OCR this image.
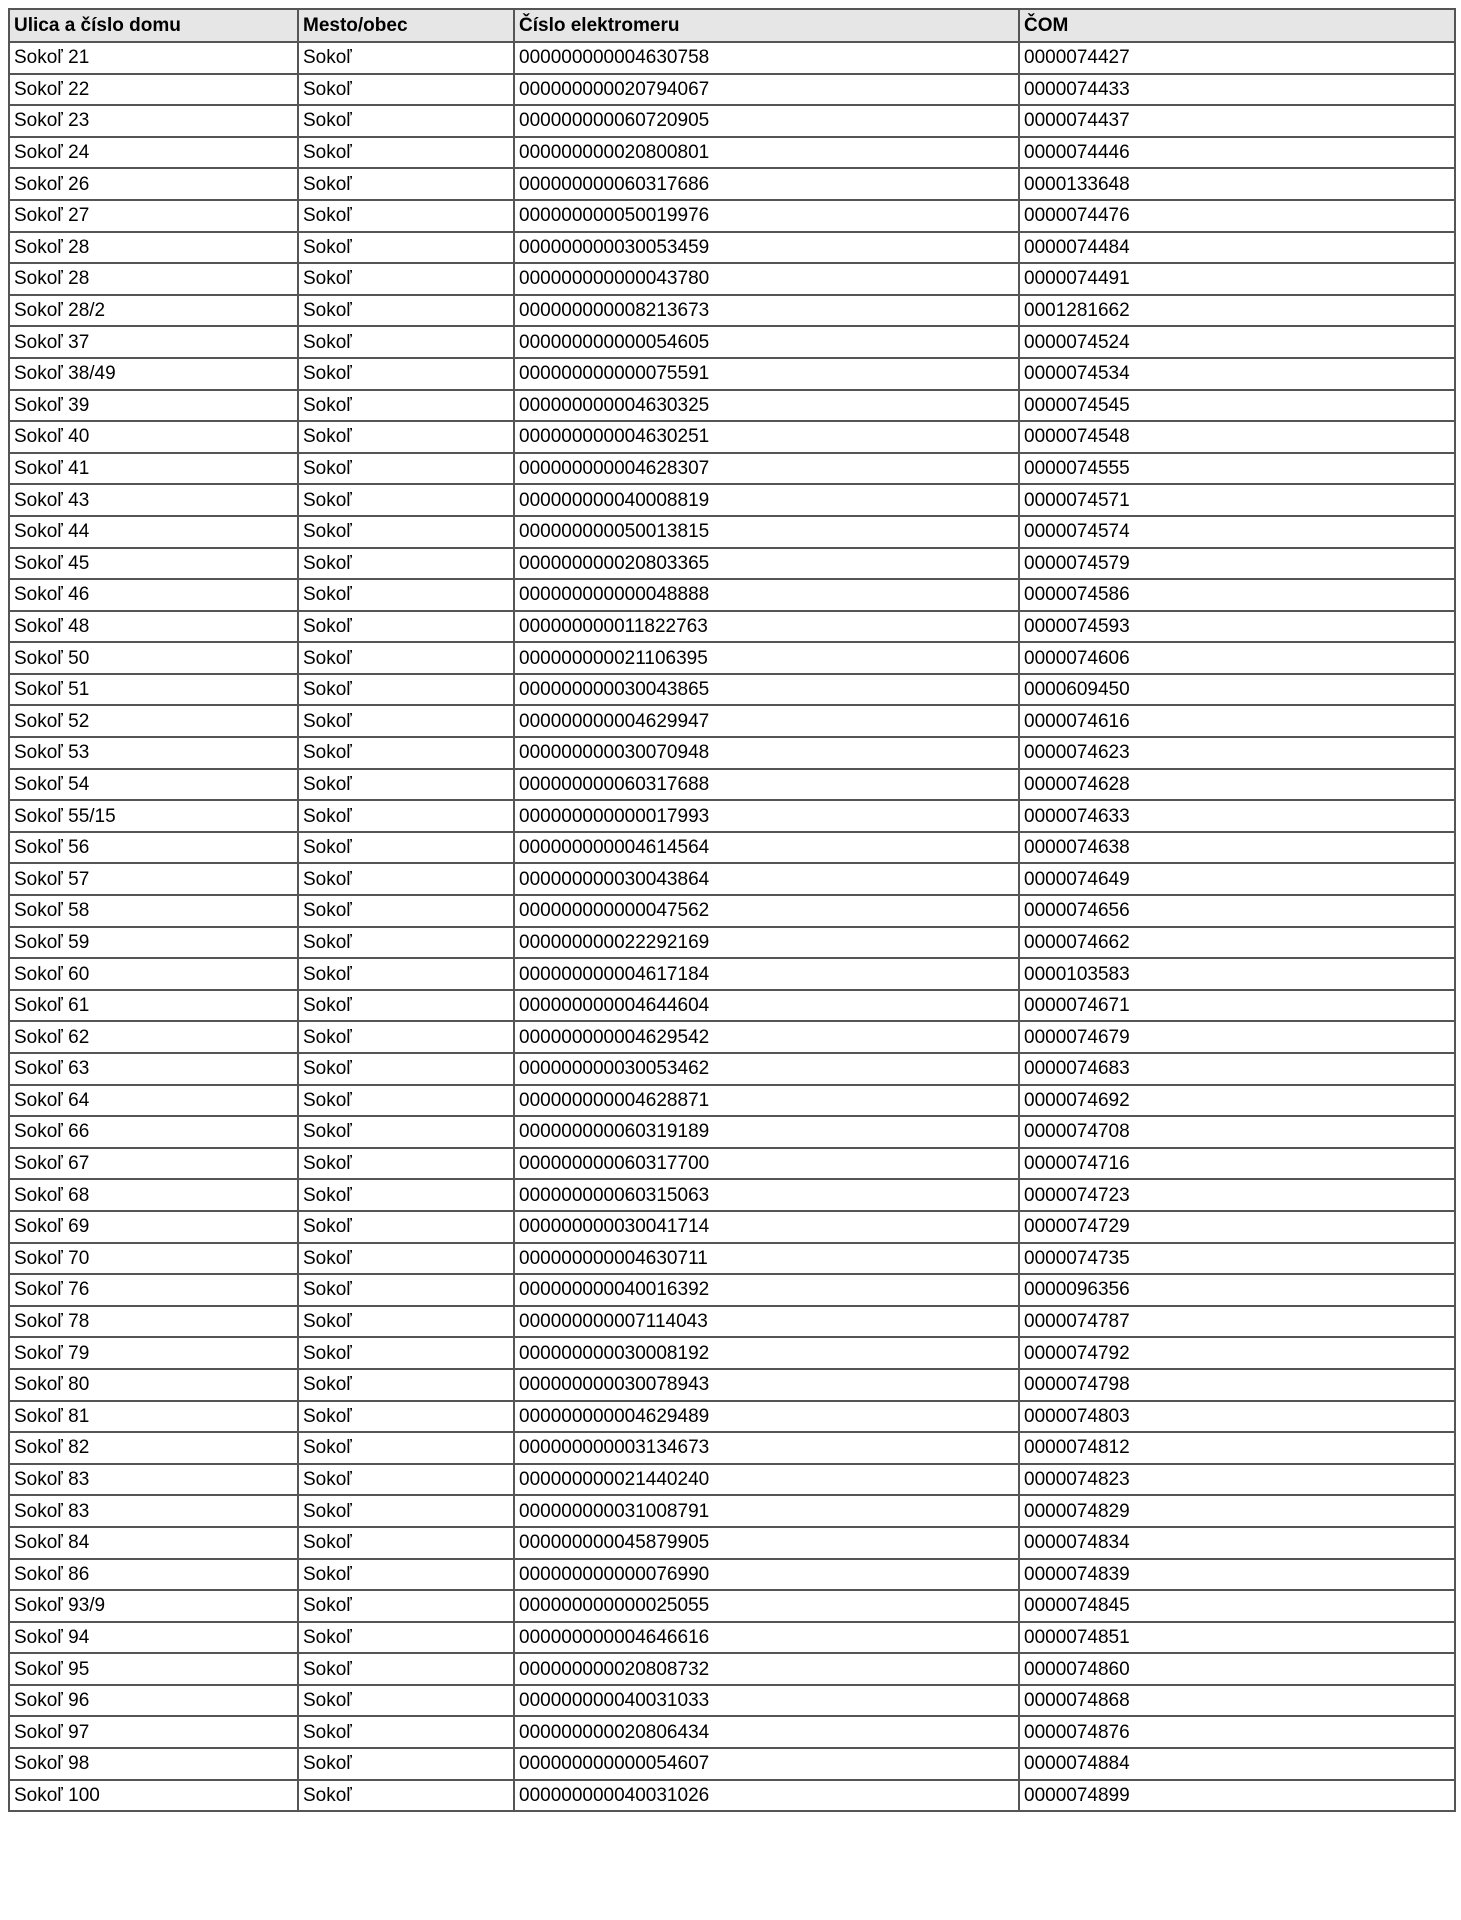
Ulica a číslo domu	Mesto/obec	Číslo elektromeru	ČOM
Sokoľ 21	Sokoľ	000000000004630758	0000074427
Sokoľ 22	Sokoľ	000000000020794067	0000074433
Sokoľ 23	Sokoľ	000000000060720905	0000074437
Sokoľ 24	Sokoľ	000000000020800801	0000074446
Sokoľ 26	Sokoľ	000000000060317686	0000133648
Sokoľ 27	Sokoľ	000000000050019976	0000074476
Sokoľ 28	Sokoľ	000000000030053459	0000074484
Sokoľ 28	Sokoľ	000000000000043780	0000074491
Sokoľ 28/2	Sokoľ	000000000008213673	0001281662
Sokoľ 37	Sokoľ	000000000000054605	0000074524
Sokoľ 38/49	Sokoľ	000000000000075591	0000074534
Sokoľ 39	Sokoľ	000000000004630325	0000074545
Sokoľ 40	Sokoľ	000000000004630251	0000074548
Sokoľ 41	Sokoľ	000000000004628307	0000074555
Sokoľ 43	Sokoľ	000000000040008819	0000074571
Sokoľ 44	Sokoľ	000000000050013815	0000074574
Sokoľ 45	Sokoľ	000000000020803365	0000074579
Sokoľ 46	Sokoľ	000000000000048888	0000074586
Sokoľ 48	Sokoľ	000000000011822763	0000074593
Sokoľ 50	Sokoľ	000000000021106395	0000074606
Sokoľ 51	Sokoľ	000000000030043865	0000609450
Sokoľ 52	Sokoľ	000000000004629947	0000074616
Sokoľ 53	Sokoľ	000000000030070948	0000074623
Sokoľ 54	Sokoľ	000000000060317688	0000074628
Sokoľ 55/15	Sokoľ	000000000000017993	0000074633
Sokoľ 56	Sokoľ	000000000004614564	0000074638
Sokoľ 57	Sokoľ	000000000030043864	0000074649
Sokoľ 58	Sokoľ	000000000000047562	0000074656
Sokoľ 59	Sokoľ	000000000022292169	0000074662
Sokoľ 60	Sokoľ	000000000004617184	0000103583
Sokoľ 61	Sokoľ	000000000004644604	0000074671
Sokoľ 62	Sokoľ	000000000004629542	0000074679
Sokoľ 63	Sokoľ	000000000030053462	0000074683
Sokoľ 64	Sokoľ	000000000004628871	0000074692
Sokoľ 66	Sokoľ	000000000060319189	0000074708
Sokoľ 67	Sokoľ	000000000060317700	0000074716
Sokoľ 68	Sokoľ	000000000060315063	0000074723
Sokoľ 69	Sokoľ	000000000030041714	0000074729
Sokoľ 70	Sokoľ	000000000004630711	0000074735
Sokoľ 76	Sokoľ	000000000040016392	0000096356
Sokoľ 78	Sokoľ	000000000007114043	0000074787
Sokoľ 79	Sokoľ	000000000030008192	0000074792
Sokoľ 80	Sokoľ	000000000030078943	0000074798
Sokoľ 81	Sokoľ	000000000004629489	0000074803
Sokoľ 82	Sokoľ	000000000003134673	0000074812
Sokoľ 83	Sokoľ	000000000021440240	0000074823
Sokoľ 83	Sokoľ	000000000031008791	0000074829
Sokoľ 84	Sokoľ	000000000045879905	0000074834
Sokoľ 86	Sokoľ	000000000000076990	0000074839
Sokoľ 93/9	Sokoľ	000000000000025055	0000074845
Sokoľ 94	Sokoľ	000000000004646616	0000074851
Sokoľ 95	Sokoľ	000000000020808732	0000074860
Sokoľ 96	Sokoľ	000000000040031033	0000074868
Sokoľ 97	Sokoľ	000000000020806434	0000074876
Sokoľ 98	Sokoľ	000000000000054607	0000074884
Sokoľ 100	Sokoľ	000000000040031026	0000074899
